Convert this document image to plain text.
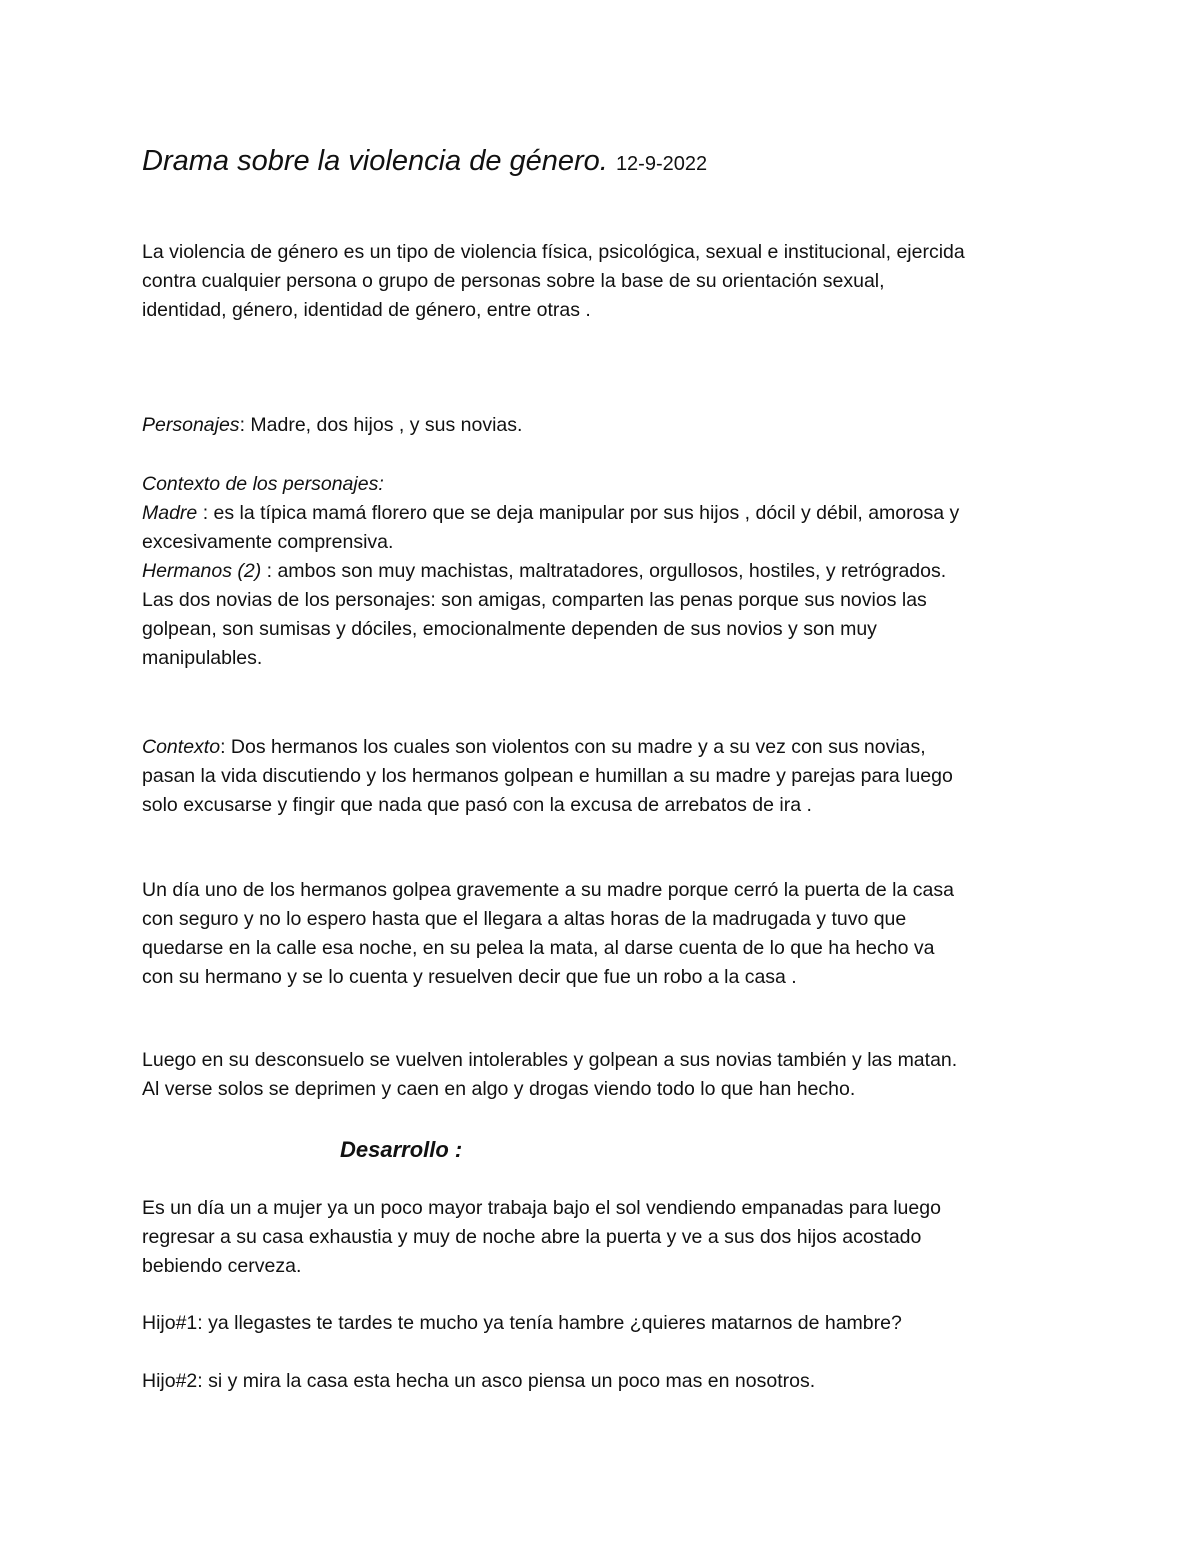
Drama sobre la violencia de género. 12-9-2022
La violencia de género es un tipo de violencia física, psicológica, sexual e institucional, ejercida
contra cualquier persona o grupo de personas sobre la base de su orientación sexual,
identidad, género, identidad de género, entre otras .
Personajes: Madre, dos hijos , y sus novias.
Contexto de los personajes:
Madre : es la típica mamá florero que se deja manipular por sus hijos , dócil y débil, amorosa y
excesivamente comprensiva.
Hermanos (2) : ambos son muy machistas, maltratadores, orgullosos, hostiles, y retrógrados.
Las dos novias de los personajes: son amigas, comparten las penas porque sus novios las
golpean, son sumisas y dóciles, emocionalmente dependen de sus novios y son muy
manipulables.
Contexto: Dos hermanos los cuales son violentos con su madre y a su vez con sus novias,
pasan la vida discutiendo y los hermanos golpean e humillan a su madre y parejas para luego
solo excusarse y fingir que nada que pasó con la excusa de arrebatos de ira .
Un día uno de los hermanos golpea gravemente a su madre porque cerró la puerta de la casa
con seguro y no lo espero hasta que el llegara a altas horas de la madrugada y tuvo que
quedarse en la calle esa noche, en su pelea la mata, al darse cuenta de lo que ha hecho va
con su hermano y se lo cuenta y resuelven decir que fue un robo a la casa .
Luego en su desconsuelo se vuelven intolerables y golpean a sus novias también y las matan.
Al verse solos se deprimen y caen en algo y drogas viendo todo lo que han hecho.
Desarrollo :
Es un día un a mujer ya un poco mayor trabaja bajo el sol vendiendo empanadas para luego
regresar a su casa exhaustia y muy de noche abre la puerta y ve a sus dos hijos acostado
bebiendo cerveza.
Hijo#1: ya llegastes te tardes te mucho ya tenía hambre ¿quieres matarnos de hambre?
Hijo#2: si y mira la casa esta hecha un asco piensa un poco mas en nosotros.
